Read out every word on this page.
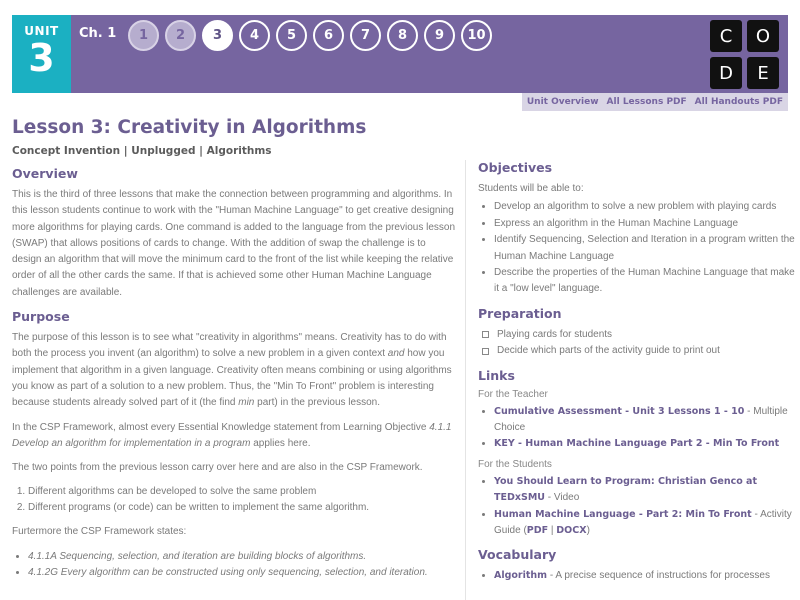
UNIT
3
Ch. 1	1	2	3	4	5	6	7	8	9	10	C	O
D	E
Unit Overview All Lessons PDF All Handouts PDF
Lesson 3: Creativity in Algorithms
Concept Invention | Unplugged | Algorithms
Overview

This is the third of three lessons that make the connection between programming and algorithms. In this lesson students continue to work with the "Human Machine Language" to get creative designing more algorithms for playing cards. One command is added to the language from the previous lesson (SWAP) that allows positions of cards to change. With the addition of swap the challenge is to design an algorithm that will move the minimum card to the front of the list while keeping the relative order of all the other cards the same. If that is achieved some other Human Machine Language challenges are available.

Purpose

The purpose of this lesson is to see what "creativity in algorithms" means. Creativity has to do with both the process you invent (an algorithm) to solve a new problem in a given context and how you implement that algorithm in a given language. Creativity often means combining or using algorithms you know as part of a solution to a new problem. Thus, the "Min To Front" problem is interesting because students already solved part of it (the find min part) in the previous lesson.

In the CSP Framework, almost every Essential Knowledge statement from Learning Objective 4.1.1 Develop an algorithm for implementation in a program applies here.

The two points from the previous lesson carry over here and are also in the CSP Framework.

1. Different algorithms can be developed to solve the same problem
2. Different programs (or code) can be written to implement the same algorithm.

Furtermore the CSP Framework states:

• 4.1.1A Sequencing, selection, and iteration are building blocks of algorithms.
• 4.1.2G Every algorithm can be constructed using only sequencing, selection, and iteration.
Objectives

Students will be able to:

• Develop an algorithm to solve a new problem with playing cards
• Express an algorithm in the Human Machine Language
• Identify Sequencing, Selection and Iteration in a program written the Human Machine Language
• Describe the properties of the Human Machine Language that make it a "low level" language.
Preparation
Playing cards for students
Decide which parts of the activity guide to print out
Links
For the Teacher
• Cumulative Assessment - Unit 3 Lessons 1 - 10 - Multiple Choice
• KEY - Human Machine Language Part 2 - Min To Front
For the Students
• You Should Learn to Program: Christian Genco at TEDxSMU - Video
• Human Machine Language - Part 2: Min To Front - Activity Guide (PDF | DOCX)
Vocabulary
• Algorithm - A precise sequence of instructions for processes
